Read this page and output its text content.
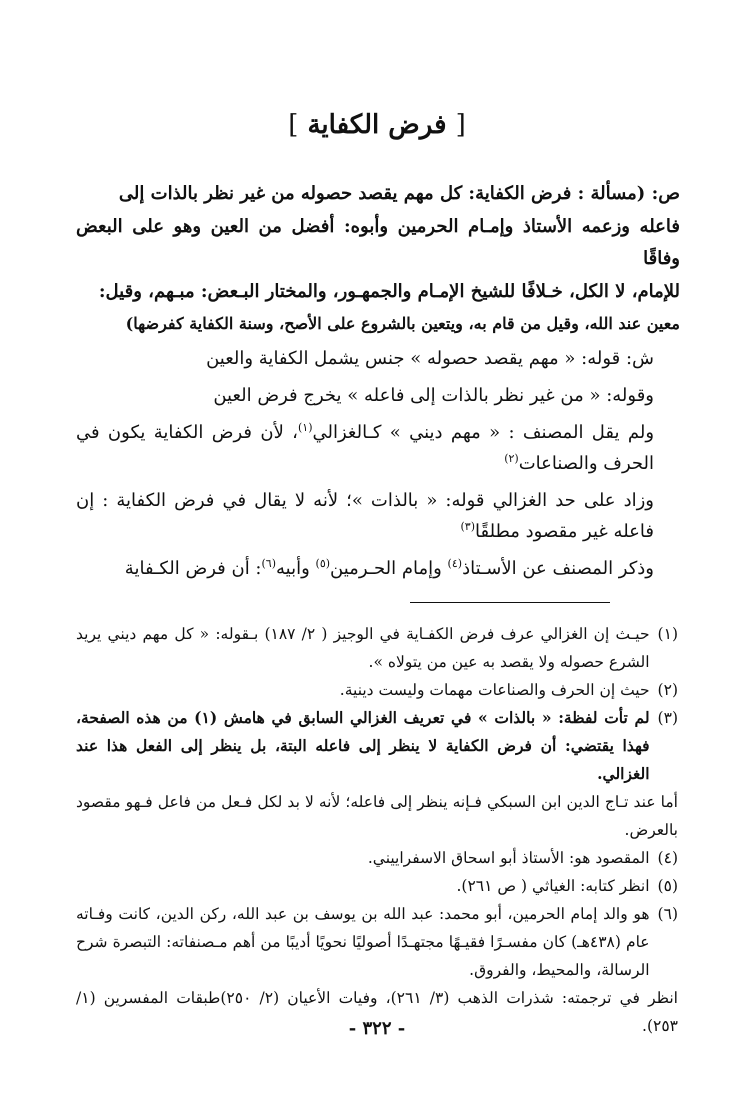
[ فرض الكفاية ]

ص: (مسألة : فرض الكفاية: كل مهم يقصد حصوله من غير نظر بالذات إلى

فاعله وزعمه الأستاذ وإمـام الحرمين وأبوه: أفضل من العين وهو على البعض وفاقًا

للإمام، لا الكل، خـلافًا للشيخ الإمـام والجمهـور، والمختار البـعض: مبـهم، وقيل:

معين عند الله، وقيل من قام به، ويتعين بالشروع على الأصح، وسنة الكفاية كفرضها)

ش: قوله: « مهم يقصد حصوله » جنس يشمل الكفاية والعين

وقوله: « من غير نظر بالذات إلى فاعله » يخرج فرض العين

ولم يقل المصنف : « مهم ديني » كـالغزالي$^{(١)}$، لأن فرض الكفاية يكون في الحرف والصناعات$^{(٢)}$

وزاد على حد الغزالي قوله: « بالذات »؛ لأنه لا يقال في فرض الكفاية : إن فاعله غير مقصود مطلقًا$^{(٣)}$

وذكر المصنف عن الأسـتاذ$^{(٤)}$ وإمام الحـرمين$^{(٥)}$ وأبيه$^{(٦)}$: أن فرض الكـفاية

(١)
حيـث إن الغزالي عرف فرض الكفـاية في الوجيز ( ٢/ ١٨٧) بـقوله: « كل مهم ديني يريد الشرع حصوله ولا يقصد به عين من يتولاه ».
(٢)
حيث إن الحرف والصناعات مهمات وليست دينية.
(٣)
لم تأت لفظة: « بالذات » في تعريف الغزالي السابق في هامش (١) من هذه الصفحة، فهذا يقتضي: أن فرض الكفاية لا ينظر إلى فاعله البتة، بل ينظر إلى الفعل هذا عند الغزالي.
أما عند تـاج الدين ابن السبكي فـإنه ينظر إلى فاعله؛ لأنه لا بد لكل فـعل من فاعل فـهو مقصود بالعرض.
(٤)
المقصود هو: الأستاذ أبو اسحاق الاسفراييني.
(٥)
انظر كتابه: الغياثي ( ص ٢٦١).
(٦)
هو والد إمام الحرمين، أبو محمد: عبد الله بن يوسف بن عبد الله، ركن الدين، كانت وفـاته عام (٤٣٨هـ) كان مفسـرًا فقيـهًا مجتهـدًا أصوليًا نحويًا أديبًا من أهم مـصنفاته: التبصرة شرح الرسالة، والمحيط، والفروق.
انظر في ترجمته: شذرات الذهب (٣/ ٢٦١)، وفيات الأعيان (٢/ ٢٥٠)طبقات المفسرين (١/ ٢٥٣).
- ٣٢٢ -
